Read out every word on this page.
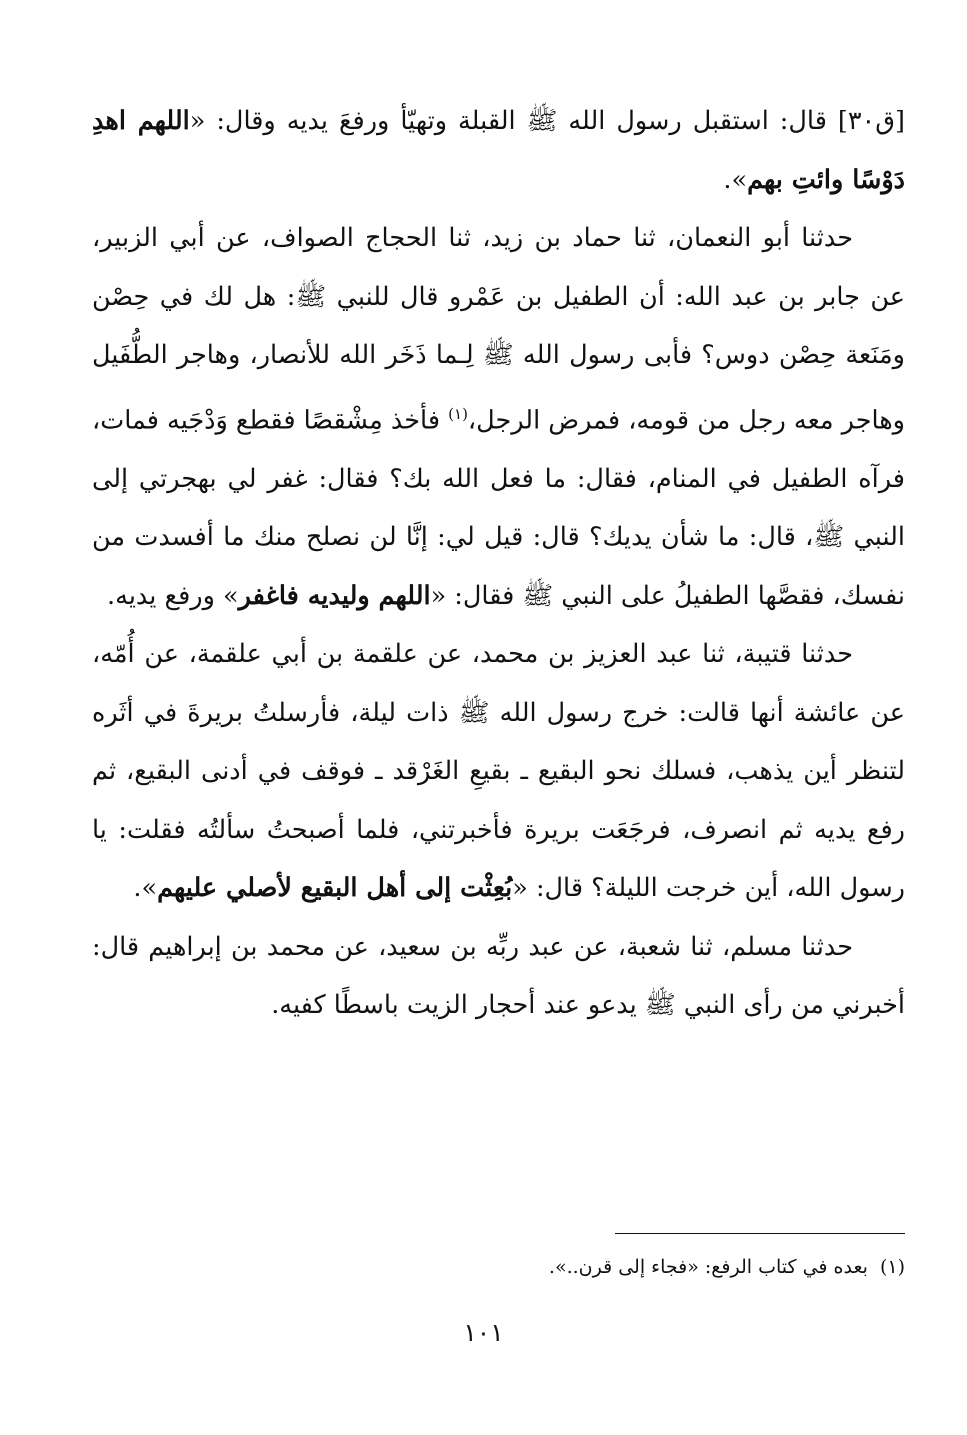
[ق٣٠] قال: استقبل رسول الله ﷺ القبلة وتهيّأ ورفعَ يديه وقال: «اللهم اهدِ دَوْسًا وائتِ بهم».

حدثنا أبو النعمان، ثنا حماد بن زيد، ثنا الحجاج الصواف، عن أبي الزبير، عن جابر بن عبد الله: أن الطفيل بن عَمْرو قال للنبي ﷺ: هل لك في حِصْن ومَنَعة حِصْن دوس؟ فأبى رسول الله ﷺ لِـما ذَخَر الله للأنصار، وهاجر الطُّفَيل وهاجر معه رجل من قومه، فمرض الرجل،$^{(١)}$ فأخذ مِشْقصًا فقطع وَدْجَيه فمات، فرآه الطفيل في المنام، فقال: ما فعل الله بك؟ فقال: غفر لي بهجرتي إلى النبي ﷺ، قال: ما شأن يديك؟ قال: قيل لي: إنَّا لن نصلح منك ما أفسدت من نفسك، فقصَّها الطفيلُ على النبي ﷺ فقال: «اللهم وليديه فاغفر» ورفع يديه.

حدثنا قتيبة، ثنا عبد العزيز بن محمد، عن علقمة بن أبي علقمة، عن أُمّه، عن عائشة أنها قالت: خرج رسول الله ﷺ ذات ليلة، فأرسلتُ بريرةَ في أثَره لتنظر أين يذهب، فسلك نحو البقيع ـ بقيعِ الغَرْقد ـ فوقف في أدنى البقيع، ثم رفع يديه ثم انصرف، فرجَعَت بريرة فأخبرتني، فلما أصبحتُ سألتُه فقلت: يا رسول الله، أين خرجت الليلة؟ قال: «بُعِثْت إلى أهل البقيع لأصلي عليهم».

حدثنا مسلم، ثنا شعبة، عن عبد ربِّه بن سعيد، عن محمد بن إبراهيم قال: أخبرني من رأى النبي ﷺ يدعو عند أحجار الزيت باسطًا كفيه.

(١)بعده في كتاب الرفع: «فجاء إلى قرن..».
١٠١
